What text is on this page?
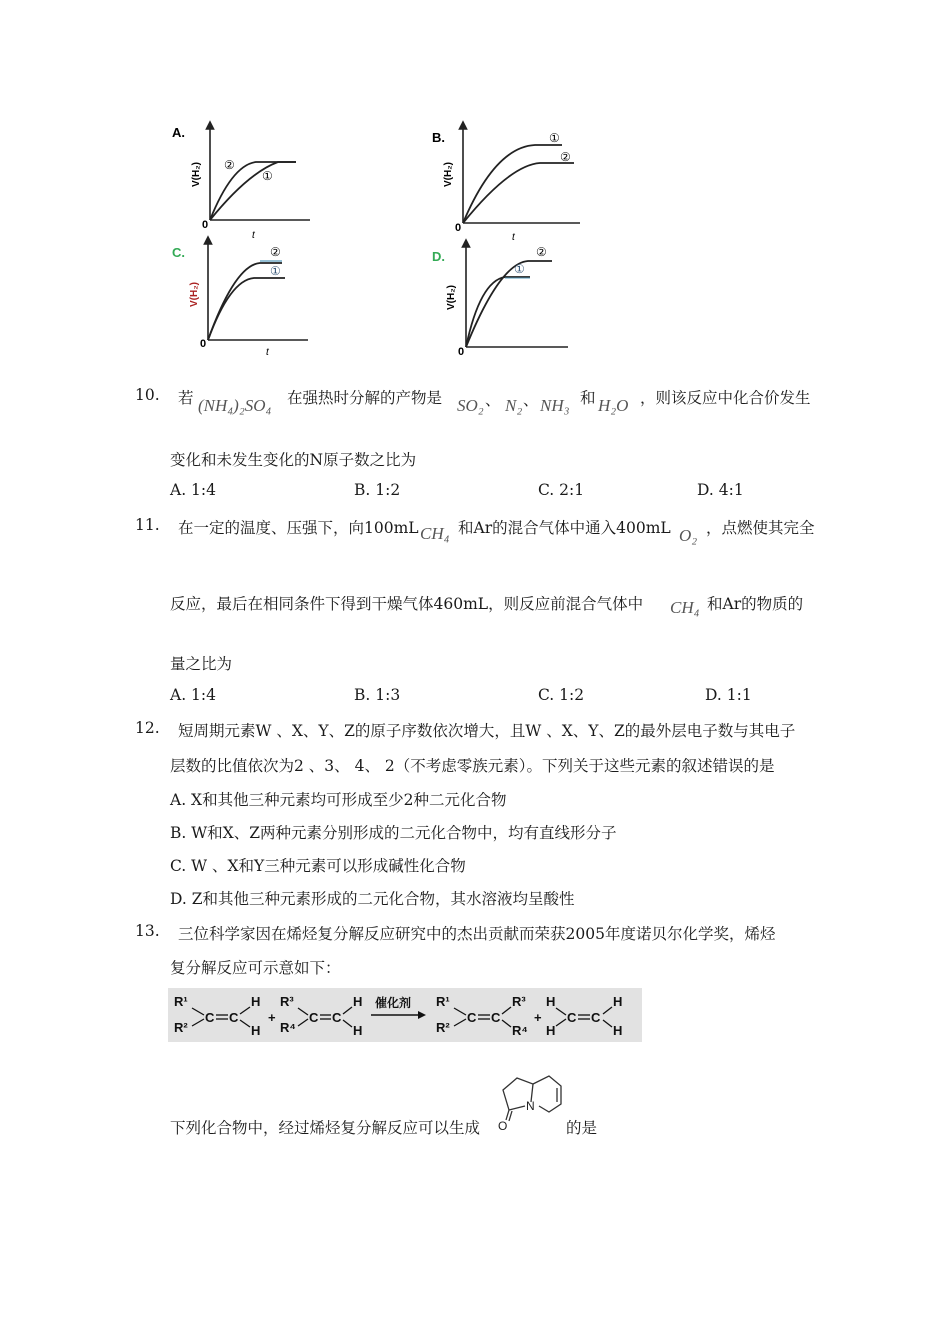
A.
V(H₂)
0
t
②
①
B.
V(H₂)
0
t
①
②
C.
V(H₂)
0
t
②
①
D.
V(H₂)
0
②
①
10. 若 (NH₄)₂SO₄ 在强热时分解的产物是 SO₂ 、 N₂ 、 NH₃ 和 H₂O ，则该反应中化合价发生
变化和未发生变化的N原子数之比为
A. 1:4	B. 1:2	C. 2:1	D. 4:1
11. 在一定的温度、压强下，向100mL CH₄ 和Ar的混合气体中通入400mL O₂ ，点燃使其完全
反应，最后在相同条件下得到干燥气体460mL，则反应前混合气体中 CH₄ 和Ar的物质的
量之比为
A. 1:4	B. 1:3	C. 1:2	D. 1:1
12. 短周期元素W 、X、Y、Z的原子序数依次增大，且W 、X、Y、Z的最外层电子数与其电子
层数的比值依次为2 、3、 4、 2（不考虑零族元素）。下列关于这些元素的叙述错误的是
A. X和其他三种元素均可形成至少2种二元化合物
B. W和X、Z两种元素分别形成的二元化合物中，均有直线形分子
C. W 、X和Y三种元素可以形成碱性化合物
D. Z和其他三种元素形成的二元化合物，其水溶液均呈酸性
13. 三位科学家因在烯烃复分解反应研究中的杰出贡献而荣获2005年度诺贝尔化学奖，烯烃
复分解反应可示意如下：
R¹
R²
C C
H
H
+
R³
R⁴
C C
H
H
催化剂 R¹
R²
C C
R³
R⁴
+
H
H
C C
H
H
下列化合物中，经过烯烃复分解反应可以生成
N
O	的是
